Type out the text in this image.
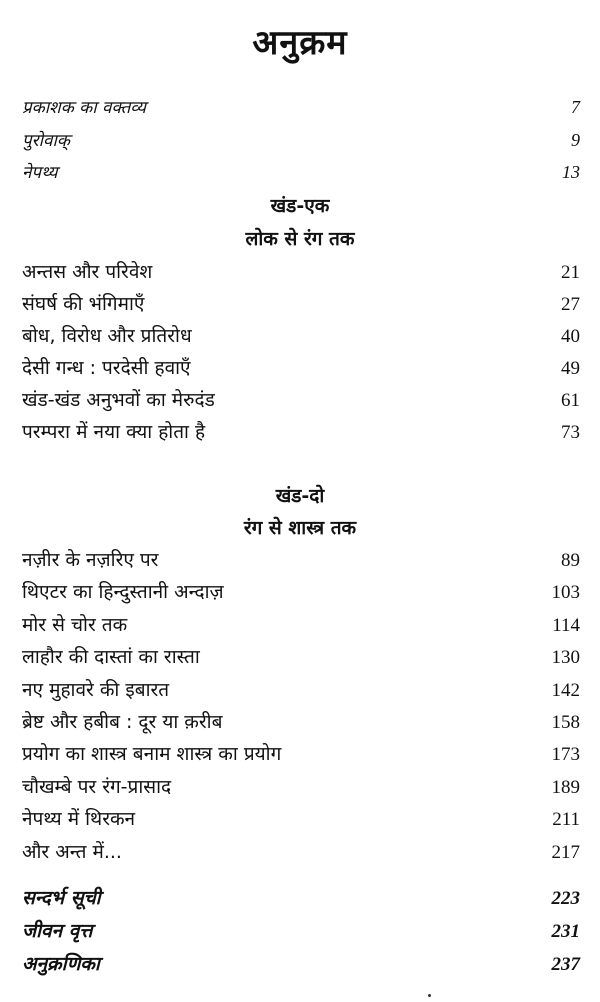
अनुक्रम
प्रकाशक का वक्तव्य	7
पुरोवाक्	9
नेपथ्य	13
खंड-एक
लोक से रंग तक
अन्तस और परिवेश	21
संघर्ष की भंगिमाएँ	27
बोध, विरोध और प्रतिरोध	40
देसी गन्ध : परदेसी हवाएँ	49
खंड-खंड अनुभवों का मेरुदंड	61
परम्परा में नया क्या होता है	73
खंड-दो
रंग से शास्त्र तक
नज़ीर के नज़रिए पर	89
थिएटर का हिन्दुस्तानी अन्दाज़	103
मोर से चोर तक	114
लाहौर की दास्तां का रास्ता	130
नए मुहावरे की इबारत	142
ब्रेष्ट और हबीब : दूर या क़रीब	158
प्रयोग का शास्त्र बनाम शास्त्र का प्रयोग	173
चौखम्बे पर रंग-प्रासाद	189
नेपथ्य में थिरकन	211
और अन्त में...	217
सन्दर्भ सूची	223
जीवन वृत्त	231
अनुक्रणिका	237
